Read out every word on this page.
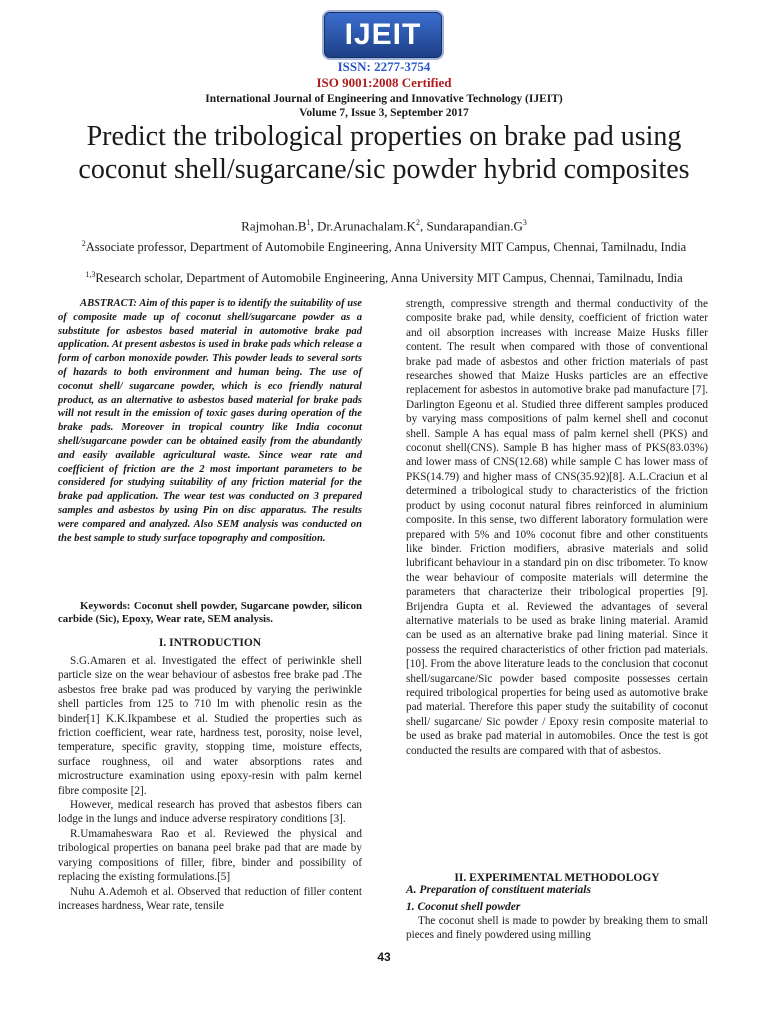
IJEIT
ISSN: 2277-3754
ISO 9001:2008 Certified
International Journal of Engineering and Innovative Technology (IJEIT)
Volume 7, Issue 3, September 2017
Predict the tribological properties on brake pad using coconut shell/sugarcane/sic powder hybrid composites
$Rajmohan.B^1$, $Dr.Arunachalam.K^2$, $Sundarapandian.G^3$
$^2$Associate professor, Department of Automobile Engineering, Anna University MIT Campus, Chennai, Tamilnadu, India
$^{1,3}$Research scholar, Department of Automobile Engineering, Anna University MIT Campus, Chennai, Tamilnadu, India
ABSTRACT: Aim of this paper is to identify the suitability of use of composite made up of coconut shell/sugarcane powder as a substitute for asbestos based material in automotive brake pad application. At present asbestos is used in brake pads which release a form of carbon monoxide powder. This powder leads to several sorts of hazards to both environment and human being. The use of coconut shell/ sugarcane powder, which is eco friendly natural product, as an alternative to asbestos based material for brake pads will not result in the emission of toxic gases during operation of the brake pads. Moreover in tropical country like India coconut shell/sugarcane powder can be obtained easily from the abundantly and easily available agricultural waste. Since wear rate and coefficient of friction are the 2 most important parameters to be considered for studying suitability of any friction material for the brake pad application. The wear test was conducted on 3 prepared samples and asbestos by using Pin on disc apparatus. The results were compared and analyzed. Also SEM analysis was conducted on the best sample to study surface topography and composition.
Keywords: Coconut shell powder, Sugarcane powder, silicon carbide (Sic), Epoxy, Wear rate, SEM analysis.
I. INTRODUCTION

S.G.Amaren et al. Investigated the effect of periwinkle shell particle size on the wear behaviour of asbestos free brake pad .The asbestos free brake pad was produced by varying the periwinkle shell particles from 125 to 710 lm with phenolic resin as the binder[1] K.K.Ikpambese et al. Studied the properties such as friction coefficient, wear rate, hardness test, porosity, noise level, temperature, specific gravity, stopping time, moisture effects, surface roughness, oil and water absorptions rates and microstructure examination using epoxy-resin with palm kernel fibre composite [2].

However, medical research has proved that asbestos fibers can lodge in the lungs and induce adverse respiratory conditions [3].

R.Umamaheswara Rao et al. Reviewed the physical and tribological properties on banana peel brake pad that are made by varying compositions of filler, fibre, binder and possibility of replacing the existing formulations.[5]

Nuhu A.Ademoh et al. Observed that reduction of filler content increases hardness, Wear rate, tensile

strength, compressive strength and thermal conductivity of the composite brake pad, while density, coefficient of friction water and oil absorption increases with increase Maize Husks filler content. The result when compared with those of conventional brake pad made of asbestos and other friction materials of past researches showed that Maize Husks particles are an effective replacement for asbestos in automotive brake pad manufacture [7]. Darlington Egeonu et al. Studied three different samples produced by varying mass compositions of palm kernel shell and coconut shell. Sample A has equal mass of palm kernel shell (PKS) and coconut shell(CNS). Sample B has higher mass of PKS(83.03%) and lower mass of CNS(12.68) while sample C has lower mass of PKS(14.79) and higher mass of CNS(35.92)[8]. A.L.Craciun et al determined a tribological study to characteristics of the friction product by using coconut natural fibres reinforced in aluminium composite. In this sense, two different laboratory formulation were prepared with 5% and 10% coconut fibre and other constituents like binder. Friction modifiers, abrasive materials and solid lubrificant behaviour in a standard pin on disc tribometer. To know the wear behaviour of composite materials will determine the parameters that characterize their tribological properties [9]. Brijendra Gupta et al. Reviewed the advantages of several alternative materials to be used as brake lining material. Aramid can be used as an alternative brake pad lining material. Since it possess the required characteristics of other friction pad materials. [10]. From the above literature leads to the conclusion that coconut shell/sugarcane/Sic powder based composite possesses certain required tribological properties for being used as automotive brake pad material. Therefore this paper study the suitability of coconut shell/ sugarcane/ Sic powder / Epoxy resin composite material to be used as brake pad material in automobiles. Once the test is got conducted the results are compared with that of asbestos.

II. EXPERIMENTAL METHODOLOGY
A. Preparation of constituent materials
1. Coconut shell powder

The coconut shell is made to powder by breaking them to small pieces and finely powdered using milling

43
